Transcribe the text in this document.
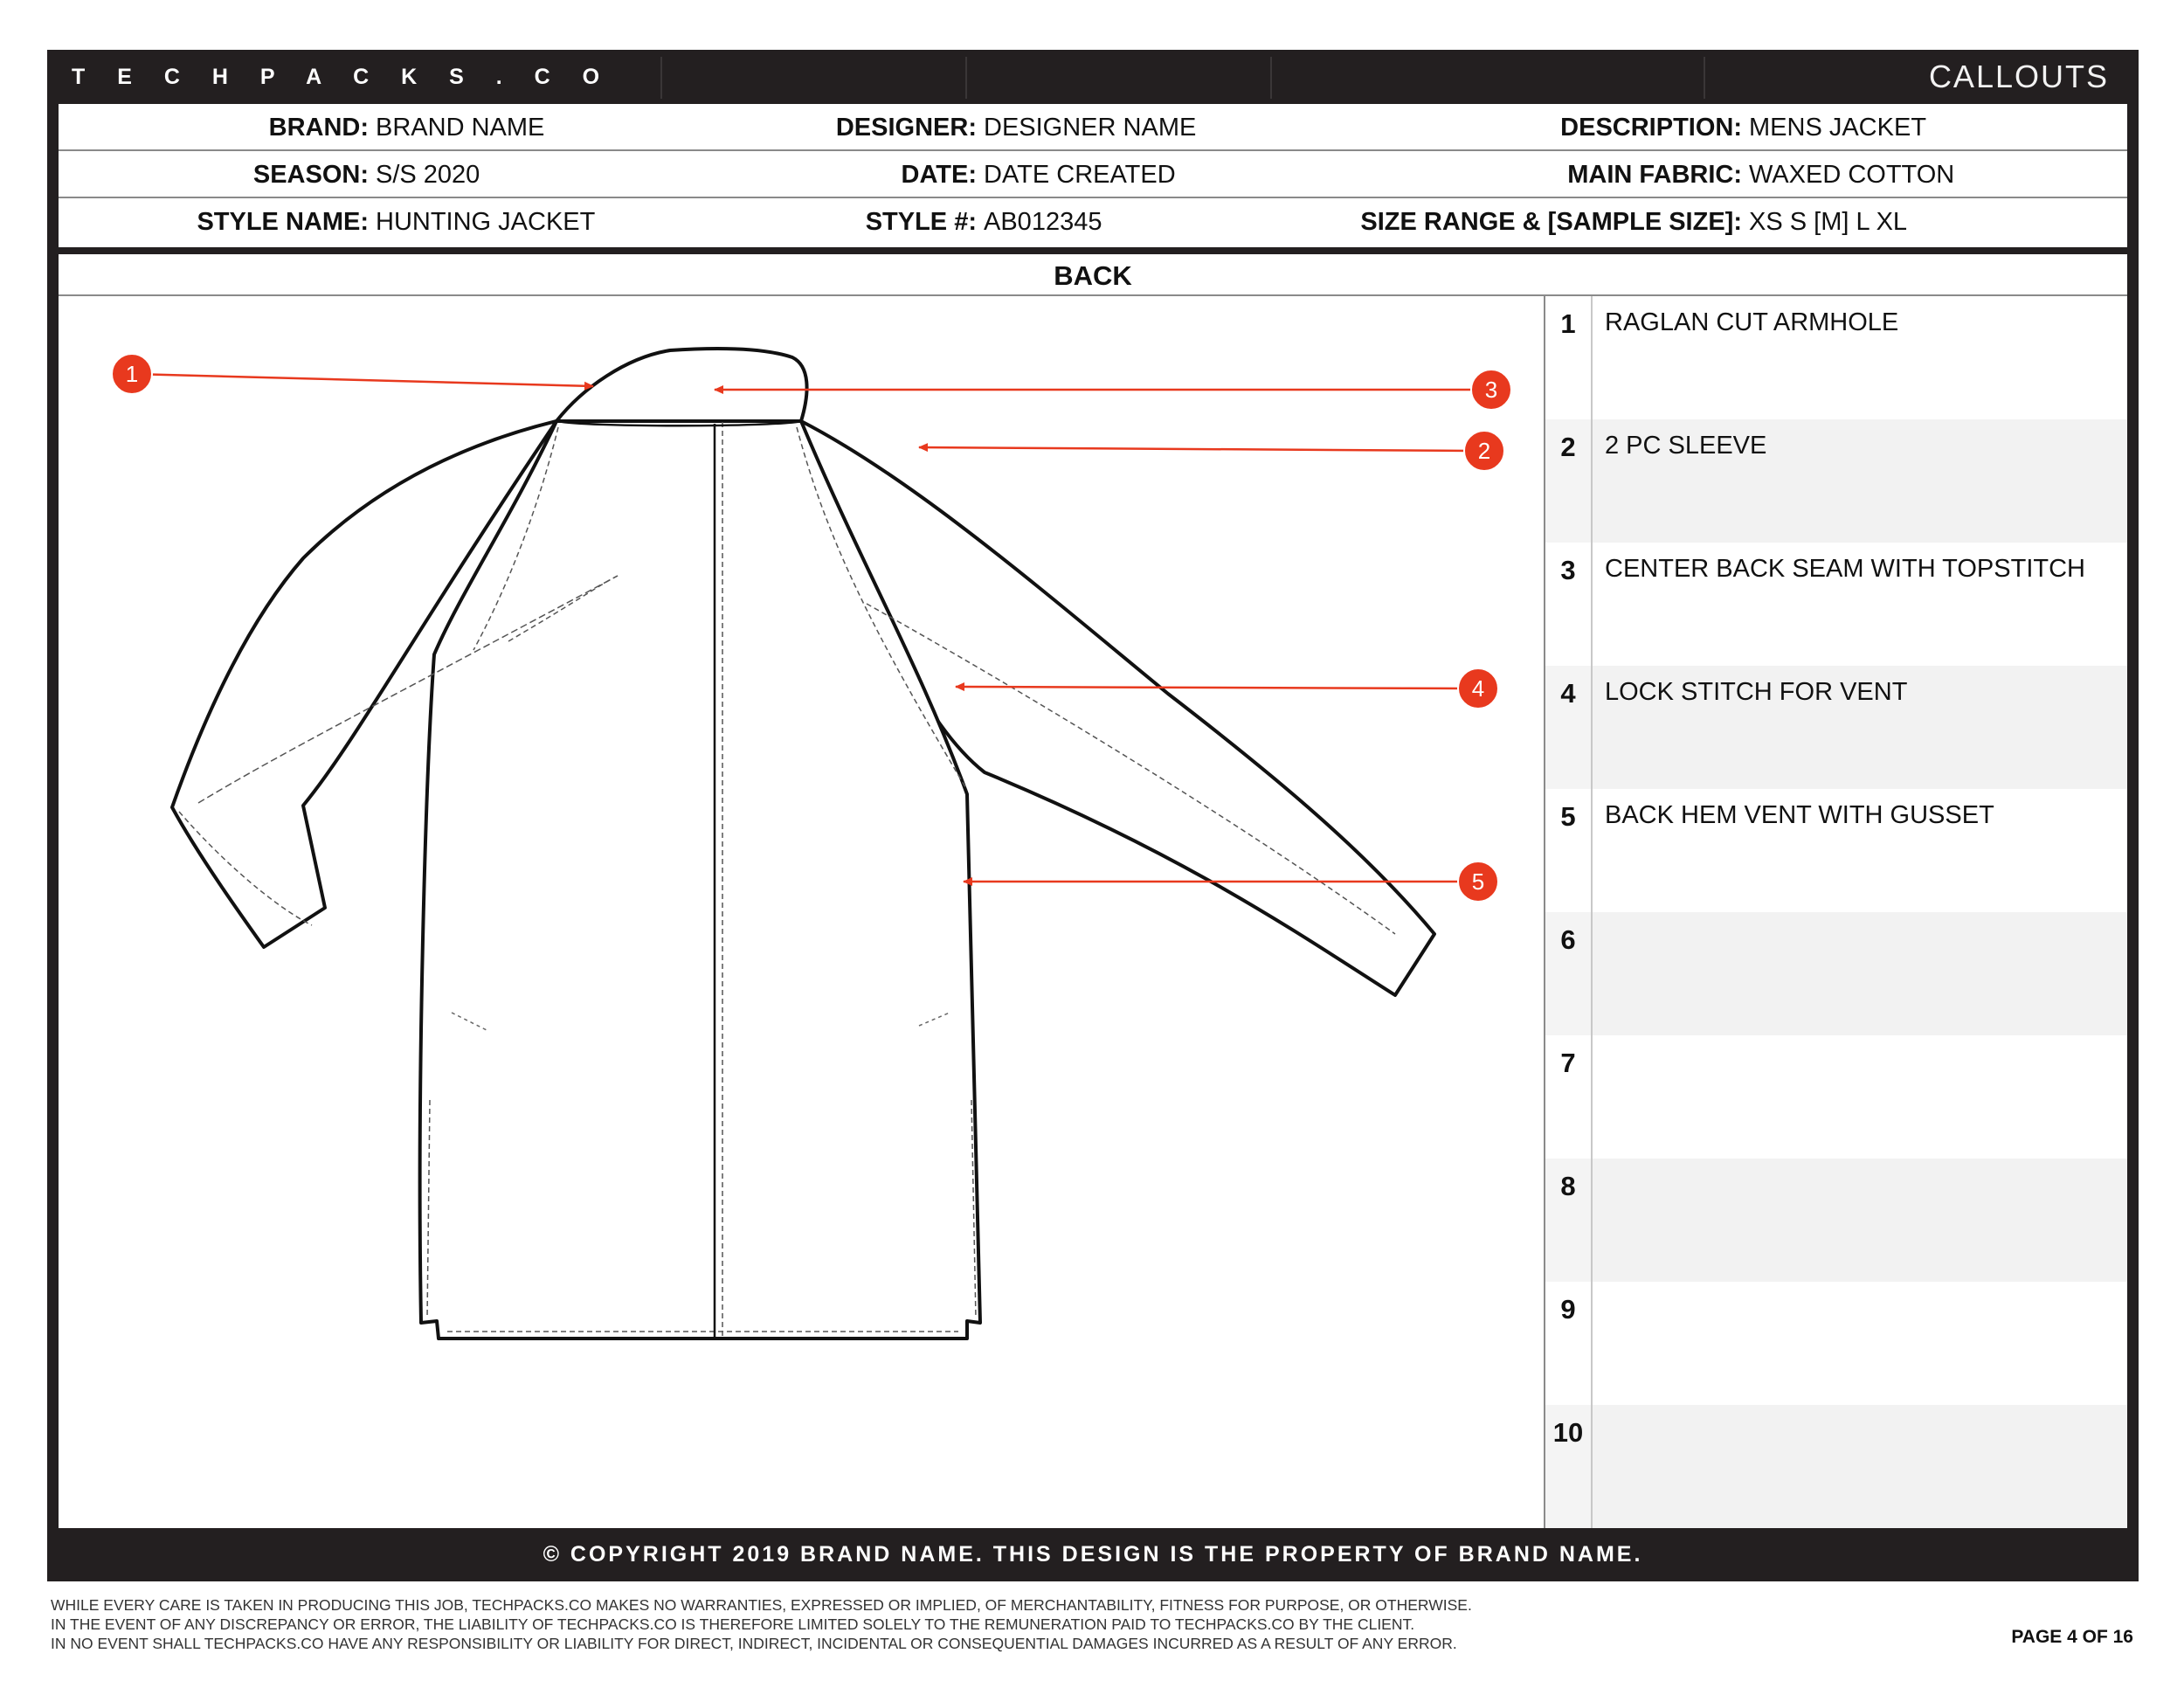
T E C H P A C K S . C O	CALLOUTS
BRAND: BRAND NAME	DESIGNER: DESIGNER NAME	DESCRIPTION: MENS JACKET
SEASON: S/S 2020	DATE: DATE CREATED	MAIN FABRIC: WAXED COTTON
STYLE NAME: HUNTING JACKET	STYLE #: AB012345	SIZE RANGE & [SAMPLE SIZE]: XS S [M] L XL
BACK
1
3
2
4
5
1	RAGLAN CUT ARMHOLE
2	2 PC SLEEVE
3	CENTER BACK SEAM WITH TOPSTITCH
4	LOCK STITCH FOR VENT
5	BACK HEM VENT WITH GUSSET
6
7
8
9
10
© COPYRIGHT 2019 BRAND NAME. THIS DESIGN IS THE PROPERTY OF BRAND NAME.
WHILE EVERY CARE IS TAKEN IN PRODUCING THIS JOB, TECHPACKS.CO MAKES NO WARRANTIES, EXPRESSED OR IMPLIED, OF MERCHANTABILITY, FITNESS FOR PURPOSE, OR OTHERWISE.
IN THE EVENT OF ANY DISCREPANCY OR ERROR, THE LIABILITY OF TECHPACKS.CO IS THEREFORE LIMITED SOLELY TO THE REMUNERATION PAID TO TECHPACKS.CO BY THE CLIENT.
IN NO EVENT SHALL TECHPACKS.CO HAVE ANY RESPONSIBILITY OR LIABILITY FOR DIRECT, INDIRECT, INCIDENTAL OR CONSEQUENTIAL DAMAGES INCURRED AS A RESULT OF ANY ERROR.	PAGE 4 OF 16
